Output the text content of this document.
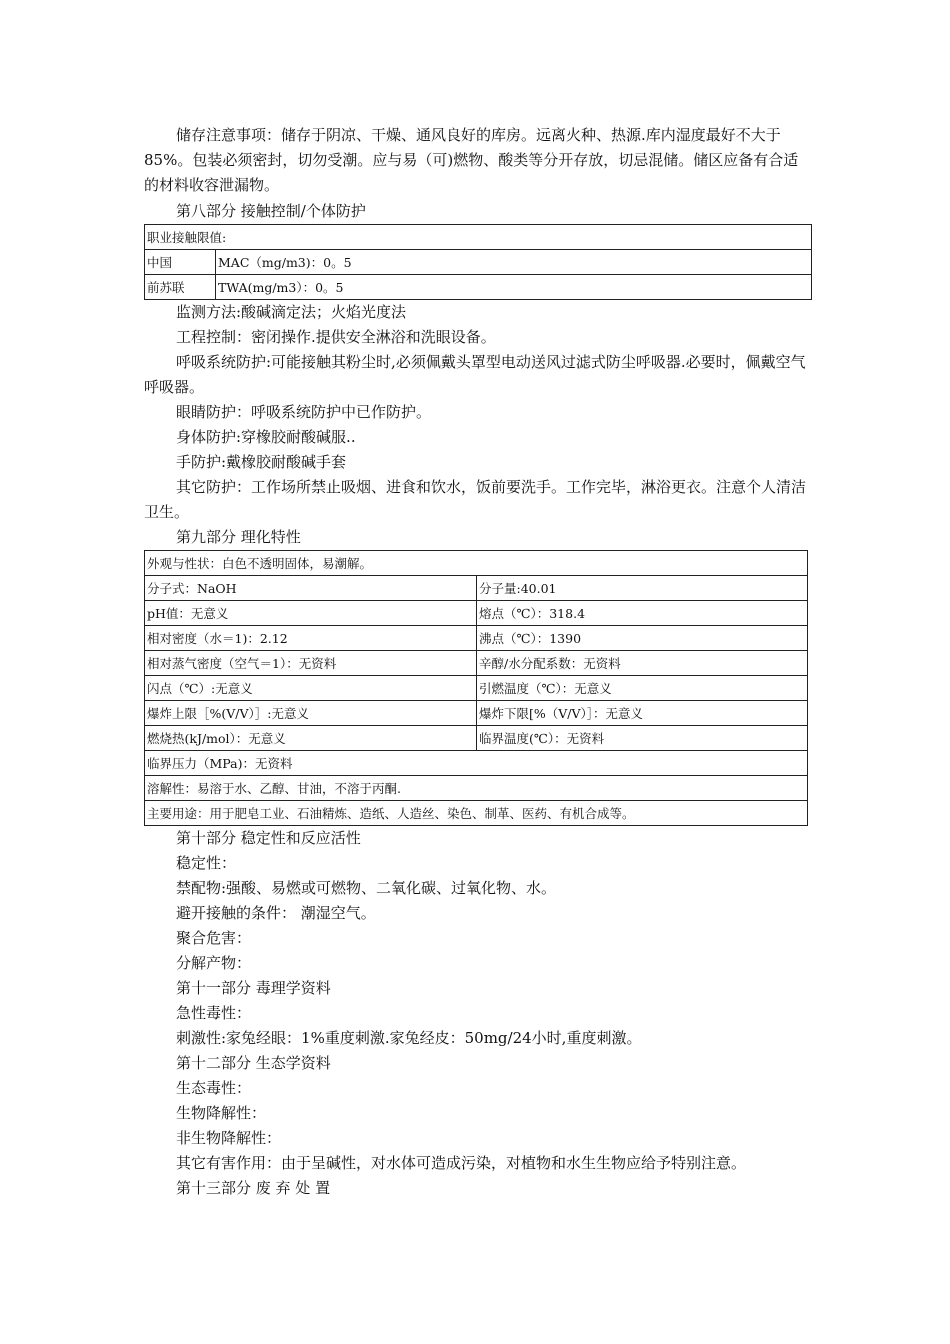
储存注意事项：储存于阴凉、干燥、通风良好的库房。远离火种、热源.库内湿度最好不大于85%。包装必须密封，切勿受潮。应与易（可)燃物、酸类等分开存放，切忌混储。储区应备有合适的材料收容泄漏物。

第八部分 接触控制/个体防护

职业接触限值:	
中国	MAC（mg/m3)：0。5
前苏联	TWA(mg/m3）：0。5

监测方法:酸碱滴定法；火焰光度法

工程控制：密闭操作.提供安全淋浴和洗眼设备。

呼吸系统防护:可能接触其粉尘时,必须佩戴头罩型电动送风过滤式防尘呼吸器.必要时，佩戴空气呼吸器。

眼睛防护：呼吸系统防护中已作防护。

身体防护:穿橡胶耐酸碱服..

手防护:戴橡胶耐酸碱手套

其它防护：工作场所禁止吸烟、进食和饮水，饭前要洗手。工作完毕，淋浴更衣。注意个人清洁卫生。

第九部分 理化特性

外观与性状：白色不透明固体，易潮解。	
分子式：NaOH	分子量:40.01
pH值：无意义	熔点（℃）：318.4
相对密度（水＝1)：2.12	沸点（℃）：1390
相对蒸气密度（空气＝1）：无资料	辛醇/水分配系数：无资料
闪点（℃）:无意义	引燃温度（℃）：无意义
爆炸上限［%(V/V）］:无意义	爆炸下限[%（V/V）］：无意义
燃烧热(kJ/mol）：无意义	临界温度(℃）：无资料
临界压力（MPa)：无资料	
溶解性：易溶于水、乙醇、甘油，不溶于丙酮.	
主要用途：用于肥皂工业、石油精炼、造纸、人造丝、染色、制革、医药、有机合成等。	

第十部分 稳定性和反应活性

稳定性：

禁配物:强酸、易燃或可燃物、二氧化碳、过氧化物、水。

避开接触的条件： 潮湿空气。

聚合危害：

分解产物：

第十一部分 毒理学资料

急性毒性：

刺激性:家兔经眼：1%重度刺激.家兔经皮：50mg/24小时,重度刺激。

第十二部分 生态学资料

生态毒性：

生物降解性：

非生物降解性：

其它有害作用：由于呈碱性，对水体可造成污染，对植物和水生生物应给予特别注意。

第十三部分 废 弃 处 置
